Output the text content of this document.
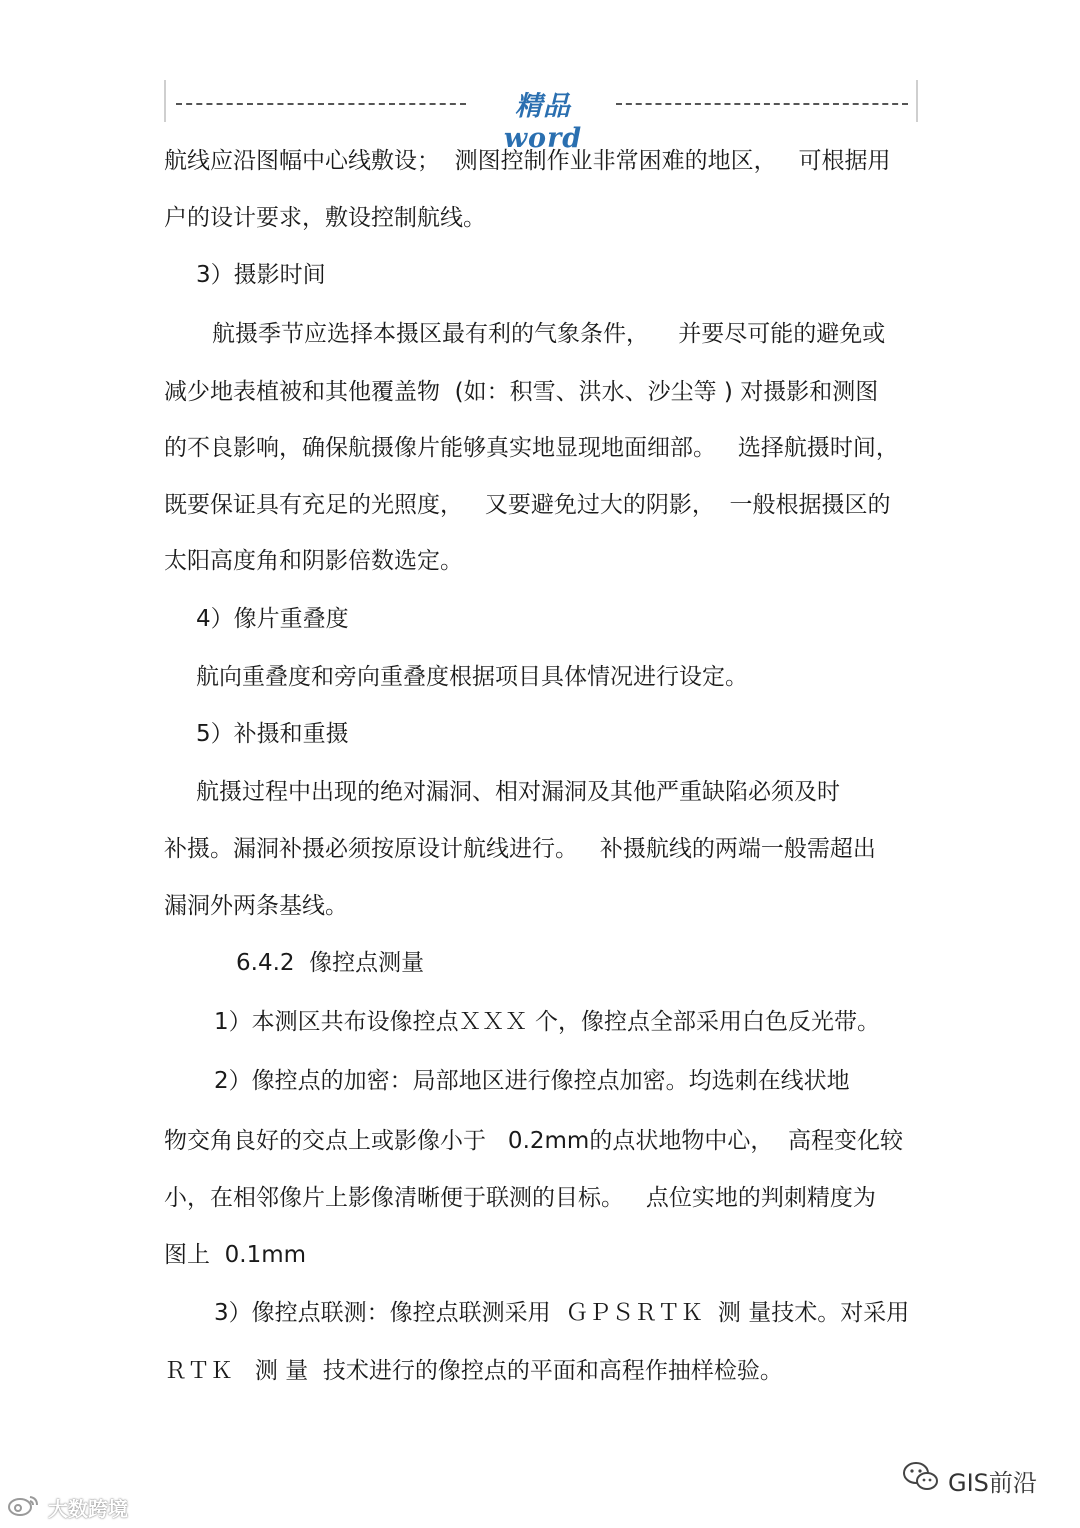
精品word
航线应沿图幅中心线敷设；  测图控制作业非常困难的地区，   可根据用
户的设计要求，敷设控制航线。
3）摄影时间
航摄季节应选择本摄区最有利的气象条件，    并要尽可能的避免或
减少地表植被和其他覆盖物  (如：积雪、洪水、沙尘等 ) 对摄影和测图
的不良影响，确保航摄像片能够真实地显现地面细部。   选择航摄时间，
既要保证具有充足的光照度，   又要避免过大的阴影，  一般根据摄区的
太阳高度角和阴影倍数选定。
4）像片重叠度
航向重叠度和旁向重叠度根据项目具体情况进行设定。
5）补摄和重摄
航摄过程中出现的绝对漏洞、相对漏洞及其他严重缺陷必须及时
补摄。漏洞补摄必须按原设计航线进行。   补摄航线的两端一般需超出
漏洞外两条基线。
6.4.2  像控点测量
1）本测区共布设像控点ＸＸＸ 个，像控点全部采用白色反光带。
2）像控点的加密：局部地区进行像控点加密。均选刺在线状地
物交角良好的交点上或影像小于   0.2mm的点状地物中心，  高程变化较
小，在相邻像片上影像清晰便于联测的目标。   点位实地的判刺精度为
图上  0.1mm
3）像控点联测：像控点联测采用  ＧＰＳＲＴＫ  测 量技术。对采用
ＲＴＫ   测 量  技术进行的像控点的平面和高程作抽样检验。
大数跨境
GIS前沿
